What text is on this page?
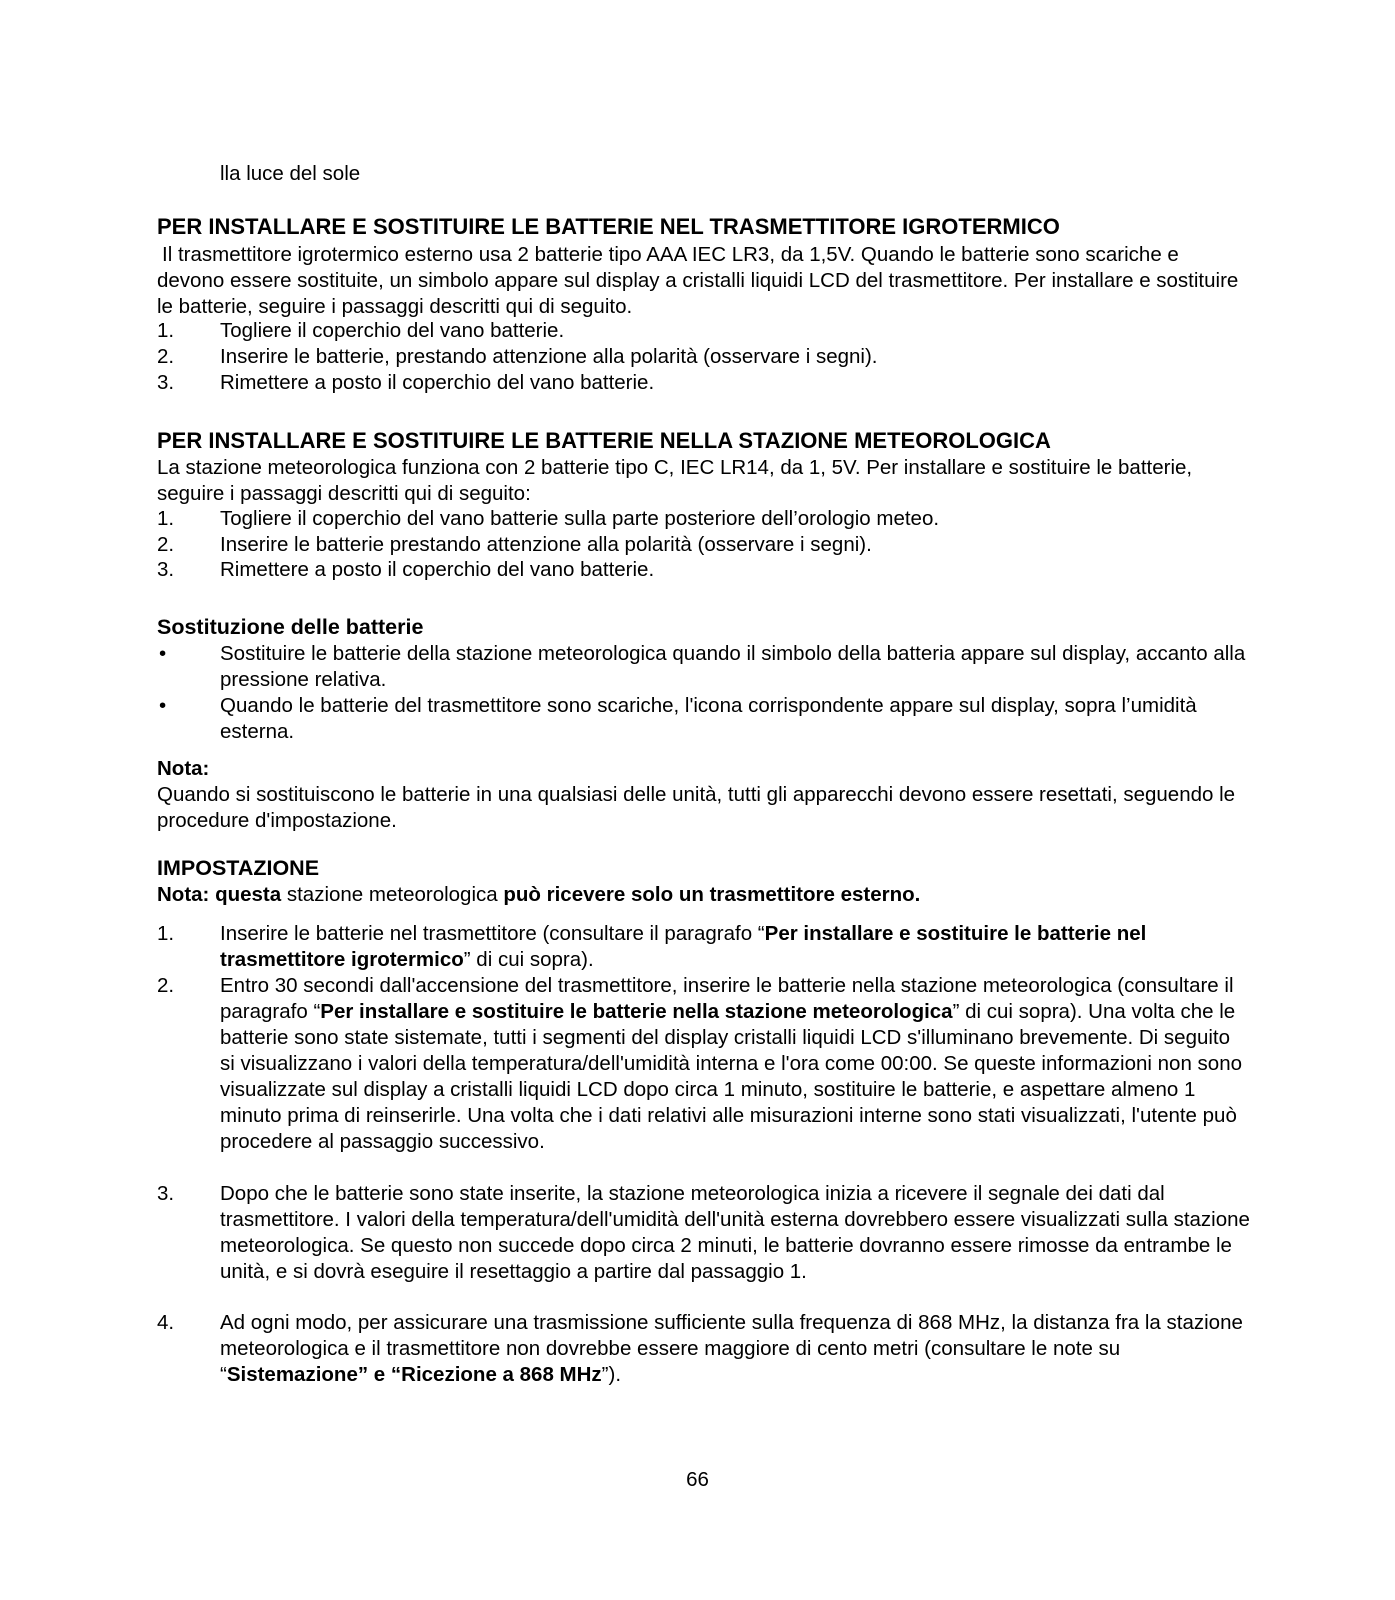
lla luce del sole

PER INSTALLARE E SOSTITUIRE LE BATTERIE NEL TRASMETTITORE IGROTERMICO

Il trasmettitore igrotermico esterno usa 2 batterie tipo AAA IEC LR3, da 1,5V. Quando le batterie sono scariche e devono essere sostituite, un simbolo appare sul display a cristalli liquidi LCD del trasmettitore. Per installare e sostituire le batterie, seguire i passaggi descritti qui di seguito.

1. Togliere il coperchio del vano batterie.
2. Inserire le batterie, prestando attenzione alla polarità (osservare i segni).
3. Rimettere a posto il coperchio del vano batterie.
PER INSTALLARE E SOSTITUIRE LE BATTERIE NELLA STAZIONE METEOROLOGICA

La stazione meteorologica funziona con 2 batterie tipo C, IEC LR14, da 1, 5V. Per installare e sostituire le batterie, seguire i passaggi descritti qui di seguito:

1. Togliere il coperchio del vano batterie sulla parte posteriore dell’orologio meteo.
2. Inserire le batterie prestando attenzione alla polarità (osservare i segni).
3. Rimettere a posto il coperchio del vano batterie.
Sostituzione delle batterie
•	Sostituire le batterie della stazione meteorologica quando il simbolo della batteria appare sul display, accanto alla pressione relativa.
•	Quando le batterie del trasmettitore sono scariche, l'icona corrispondente appare sul display, sopra l’umidità esterna.

Nota:

Quando si sostituiscono le batterie in una qualsiasi delle unità, tutti gli apparecchi devono essere resettati, seguendo le procedure d'impostazione.

IMPOSTAZIONE

Nota: questa stazione meteorologica può ricevere solo un trasmettitore esterno.

1. Inserire le batterie nel trasmettitore (consultare il paragrafo “Per installare e sostituire le batterie nel trasmettitore igrotermico” di cui sopra).
2. Entro 30 secondi dall'accensione del trasmettitore, inserire le batterie nella stazione meteorologica (consultare il paragrafo “Per installare e sostituire le batterie nella stazione meteorologica” di cui sopra). Una volta che le batterie sono state sistemate, tutti i segmenti del display cristalli liquidi LCD s'illuminano brevemente. Di seguito si visualizzano i valori della temperatura/dell'umidità interna e l'ora come 00:00. Se queste informazioni non sono visualizzate sul display a cristalli liquidi LCD dopo circa 1 minuto, sostituire le batterie, e aspettare almeno 1 minuto prima di reinserirle. Una volta che i dati relativi alle misurazioni interne sono stati visualizzati, l'utente può procedere al passaggio successivo.
3. Dopo che le batterie sono state inserite, la stazione meteorologica inizia a ricevere il segnale dei dati dal trasmettitore. I valori della temperatura/dell'umidità dell'unità esterna dovrebbero essere visualizzati sulla stazione meteorologica. Se questo non succede dopo circa 2 minuti, le batterie dovranno essere rimosse da entrambe le unità, e si dovrà eseguire il resettaggio a partire dal passaggio 1.
4. Ad ogni modo, per assicurare una trasmissione sufficiente sulla frequenza di 868 MHz, la distanza fra la stazione meteorologica e il trasmettitore non dovrebbe essere maggiore di cento metri (consultare le note su “Sistemazione” e “Ricezione a 868 MHz”).
66
